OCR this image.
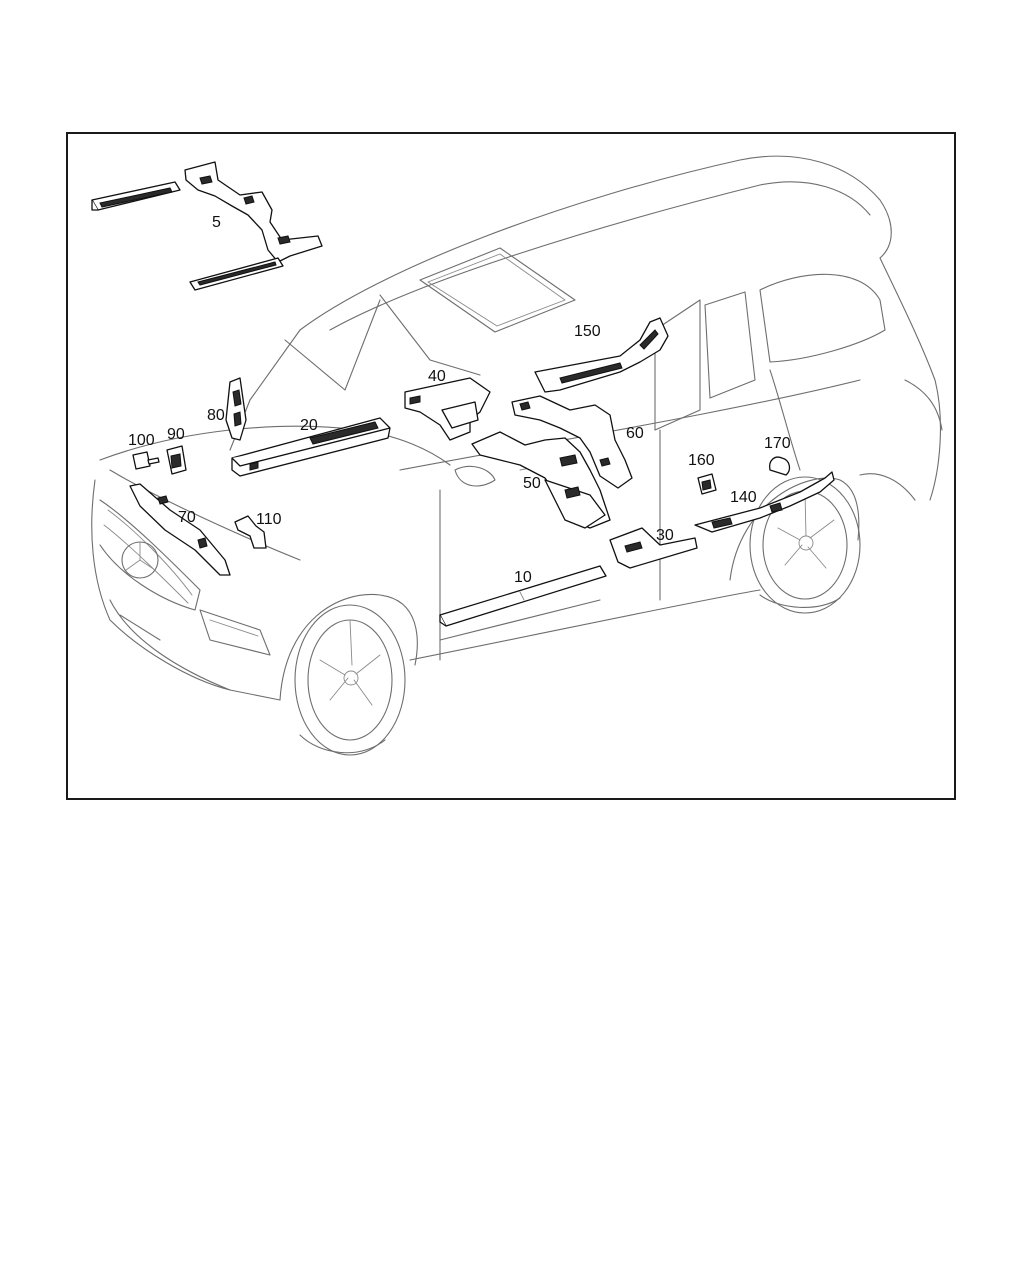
5
150
40
80
20	60
100 90
170
160
50
140
70	110
30
10
